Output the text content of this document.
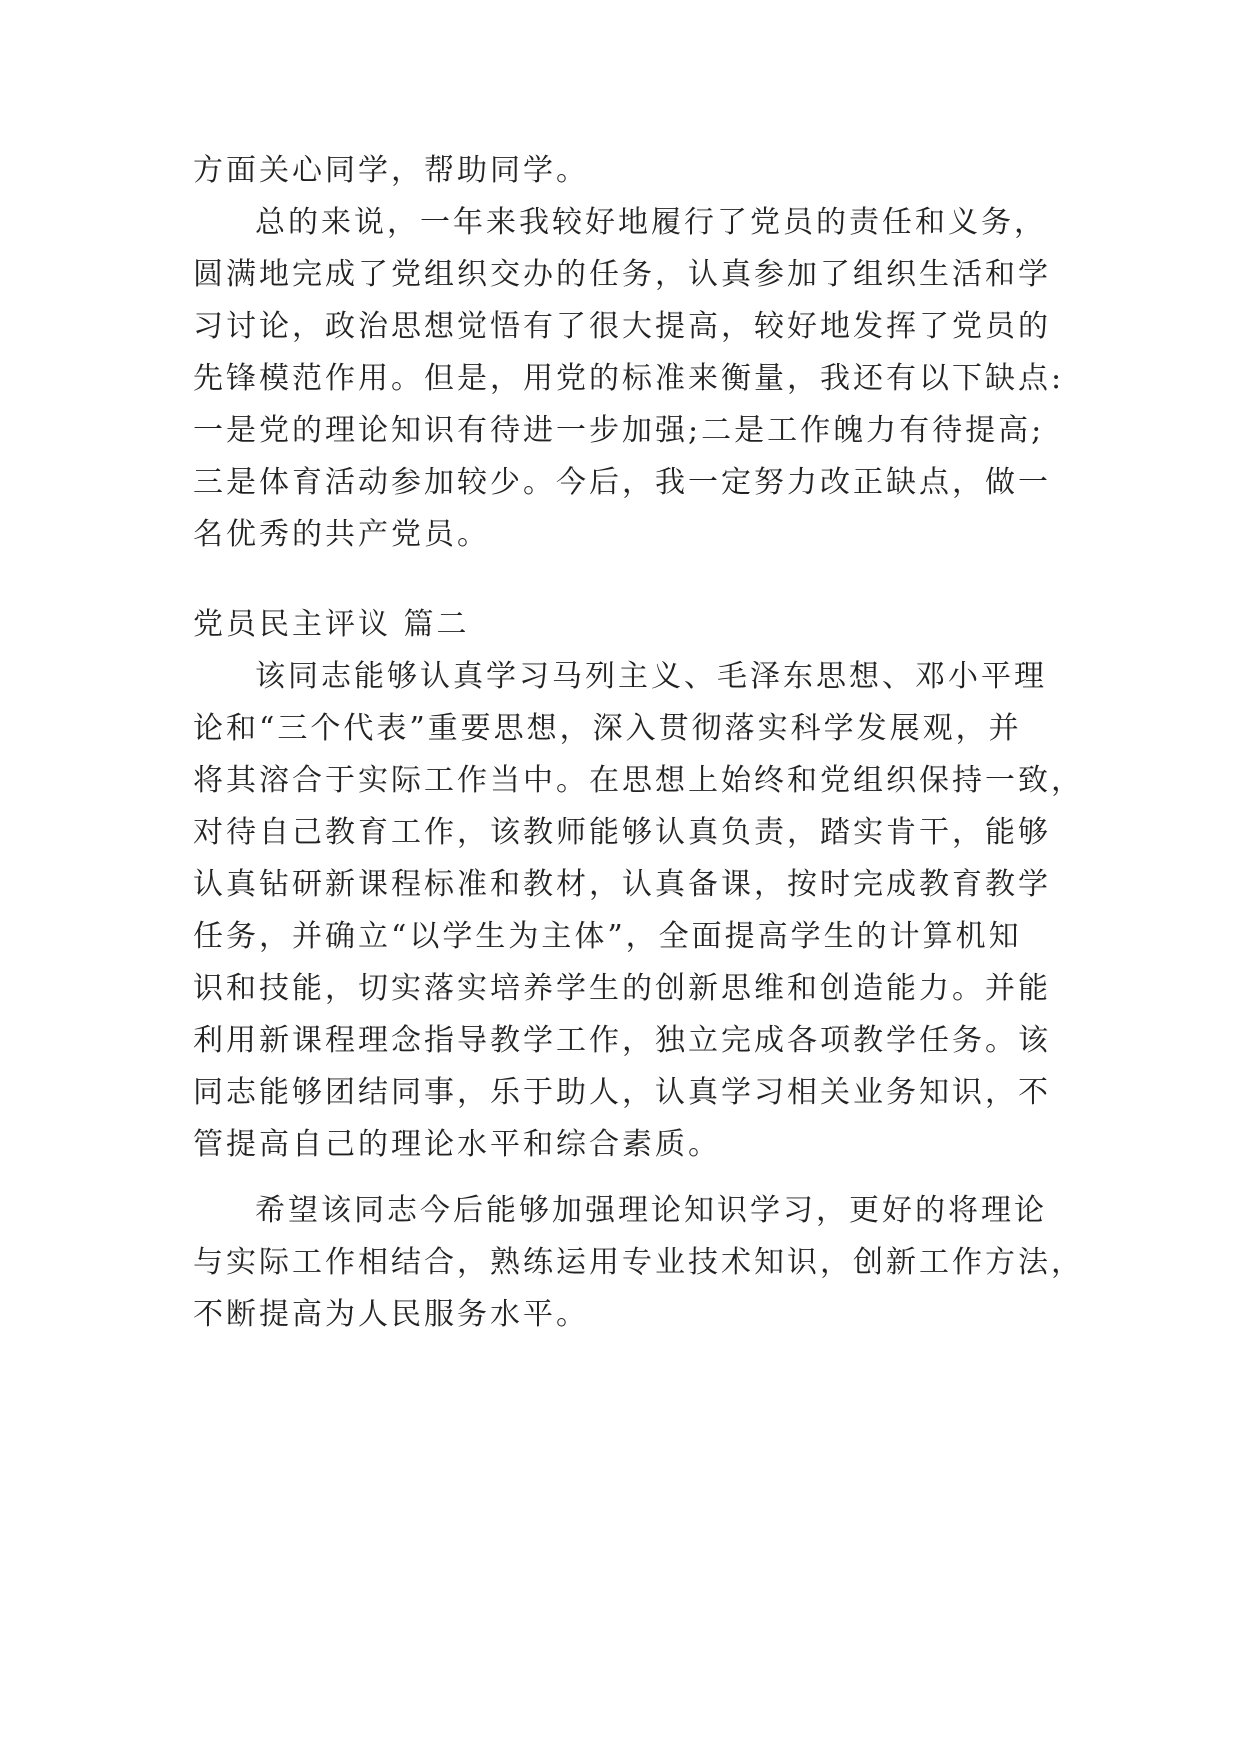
方面关心同学，帮助同学。
总的来说，一年来我较好地履行了党员的责任和义务，
圆满地完成了党组织交办的任务，认真参加了组织生活和学
习讨论，政治思想觉悟有了很大提高，较好地发挥了党员的
先锋模范作用。但是，用党的标准来衡量，我还有以下缺点:
一是党的理论知识有待进一步加强;二是工作魄力有待提高;
三是体育活动参加较少。今后，我一定努力改正缺点，做一
名优秀的共产党员。
党员民主评议 篇二
该同志能够认真学习马列主义、毛泽东思想、邓小平理
论和“三个代表”重要思想，深入贯彻落实科学发展观，并
将其溶合于实际工作当中。在思想上始终和党组织保持一致，
对待自己教育工作，该教师能够认真负责，踏实肯干，能够
认真钻研新课程标准和教材，认真备课，按时完成教育教学
任务，并确立“以学生为主体”，全面提高学生的计算机知
识和技能，切实落实培养学生的创新思维和创造能力。并能
利用新课程理念指导教学工作，独立完成各项教学任务。该
同志能够团结同事，乐于助人，认真学习相关业务知识，不
管提高自己的理论水平和综合素质。
希望该同志今后能够加强理论知识学习，更好的将理论
与实际工作相结合，熟练运用专业技术知识，创新工作方法，
不断提高为人民服务水平。
